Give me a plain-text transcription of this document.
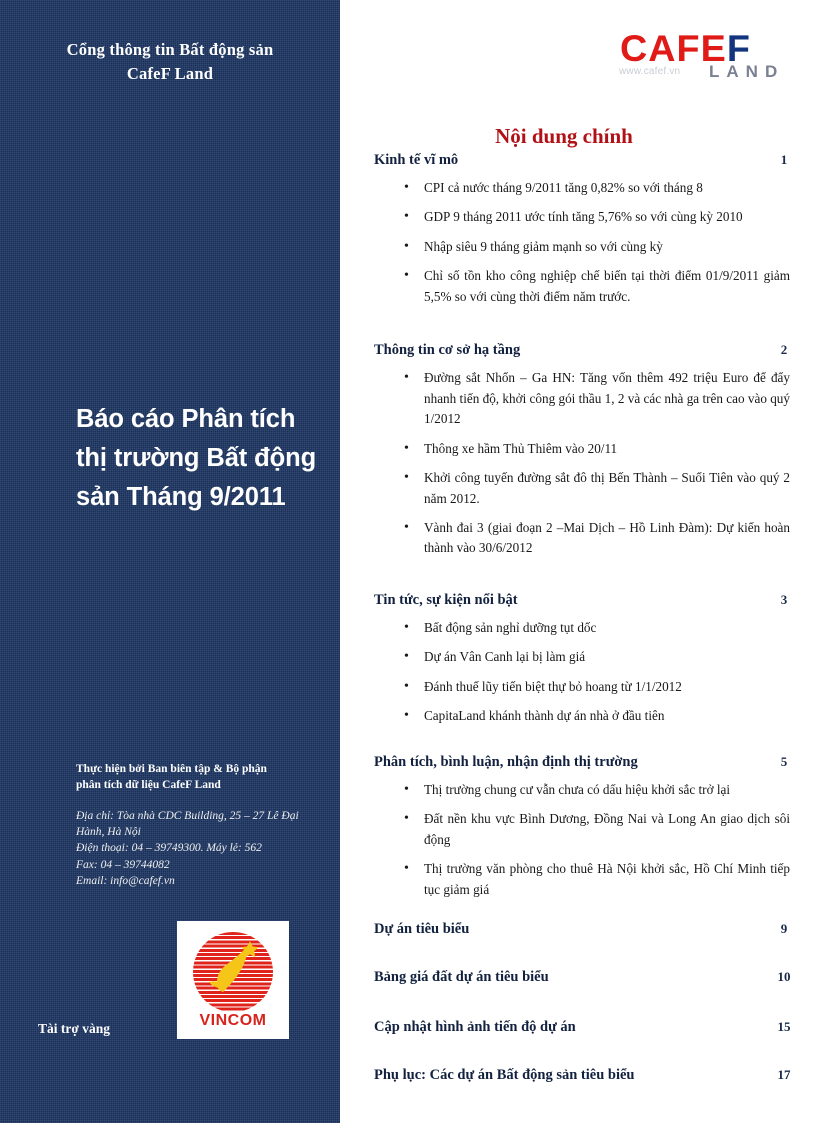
Cổng thông tin Bất động sản
CafeF Land
Báo cáo Phân tích
thị trường Bất động
sản Tháng 9/2011
Thực hiện bởi Ban biên tập & Bộ phận
phân tích dữ liệu CafeF Land
Địa chỉ: Tòa nhà CDC Building, 25 – 27 Lê Đại
Hành, Hà Nội
Điện thoại: 04 – 39749300. Máy lẻ: 562
Fax: 04 – 39744082
Email: info@cafef.vn
VINCOM
Tài trợ vàng
CAFEF
www.cafef.vn LAND
Nội dung chính
Kinh tế vĩ mô	1
• CPI cả nước tháng 9/2011 tăng 0,82% so với tháng 8
• GDP 9 tháng 2011 ước tính tăng 5,76% so với cùng kỳ 2010
• Nhập siêu 9 tháng giảm mạnh so với cùng kỳ
• Chỉ số tồn kho công nghiệp chế biến tại thời điểm 01/9/2011 giảm 5,5% so với cùng thời điểm năm trước.
Thông tin cơ sở hạ tầng	2
• Đường sắt Nhổn – Ga HN: Tăng vốn thêm 492 triệu Euro để đẩy nhanh tiến độ, khởi công gói thầu 1, 2 và các nhà ga trên cao vào quý 1/2012
• Thông xe hầm Thủ Thiêm vào 20/11
• Khởi công tuyến đường sắt đô thị Bến Thành – Suối Tiên vào quý 2 năm 2012.
• Vành đai 3 (giai đoạn 2 –Mai Dịch – Hồ Linh Đàm): Dự kiến hoàn thành vào 30/6/2012
Tin tức, sự kiện nổi bật	3
• Bất động sản nghỉ dưỡng tụt dốc
• Dự án Vân Canh lại bị làm giá
• Đánh thuế lũy tiến biệt thự bỏ hoang từ 1/1/2012
• CapitaLand khánh thành dự án nhà ở đầu tiên
Phân tích, bình luận, nhận định thị trường	5
• Thị trường chung cư vẫn chưa có dấu hiệu khởi sắc trở lại
• Đất nền khu vực Bình Dương, Đồng Nai và Long An giao dịch sôi động
• Thị trường văn phòng cho thuê Hà Nội khởi sắc, Hồ Chí Minh tiếp tục giảm giá
Dự án tiêu biểu	9
Bảng giá đất dự án tiêu biểu	10
Cập nhật hình ảnh tiến độ dự án	15
Phụ lục: Các dự án Bất động sản tiêu biểu	17
